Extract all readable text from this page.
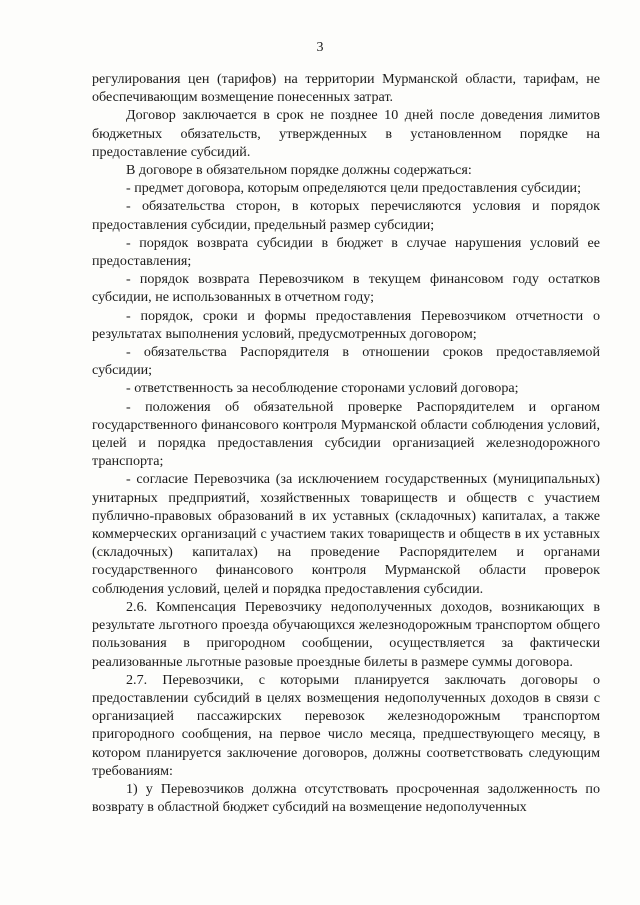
3

регулирования цен (тарифов) на территории Мурманской области, тарифам, не обеспечивающим возмещение понесенных затрат.

Договор заключается в срок не позднее 10 дней после доведения лимитов бюджетных обязательств, утвержденных в установленном порядке на предоставление субсидий.

В договоре в обязательном порядке должны содержаться:

- предмет договора, которым определяются цели предоставления субсидии;

- обязательства сторон, в которых перечисляются условия и порядок предоставления субсидии, предельный размер субсидии;

- порядок возврата субсидии в бюджет в случае нарушения условий ее предоставления;

- порядок возврата Перевозчиком в текущем финансовом году остатков субсидии, не использованных в отчетном году;

- порядок, сроки и формы предоставления Перевозчиком отчетности о результатах выполнения условий, предусмотренных договором;

- обязательства Распорядителя в отношении сроков предоставляемой субсидии;

- ответственность за несоблюдение сторонами условий договора;

- положения об обязательной проверке Распорядителем и органом государственного финансового контроля Мурманской области соблюдения условий, целей и порядка предоставления субсидии организацией железнодорожного транспорта;

- согласие Перевозчика (за исключением государственных (муниципальных) унитарных предприятий, хозяйственных товариществ и обществ с участием публично-правовых образований в их уставных (складочных) капиталах, а также коммерческих организаций с участием таких товариществ и обществ в их уставных (складочных) капиталах) на проведение Распорядителем и органами государственного финансового контроля Мурманской области проверок соблюдения условий, целей и порядка предоставления субсидии.

2.6. Компенсация Перевозчику недополученных доходов, возникающих в результате льготного проезда обучающихся железнодорожным транспортом общего пользования в пригородном сообщении, осуществляется за фактически реализованные льготные разовые проездные билеты в размере суммы договора.

2.7. Перевозчики, с которыми планируется заключать договоры о предоставлении субсидий в целях возмещения недополученных доходов в связи с организацией пассажирских перевозок железнодорожным транспортом пригородного сообщения, на первое число месяца, предшествующего месяцу, в котором планируется заключение договоров, должны соответствовать следующим требованиям:

1) у Перевозчиков должна отсутствовать просроченная задолженность по возврату в областной бюджет субсидий на возмещение недополученных
